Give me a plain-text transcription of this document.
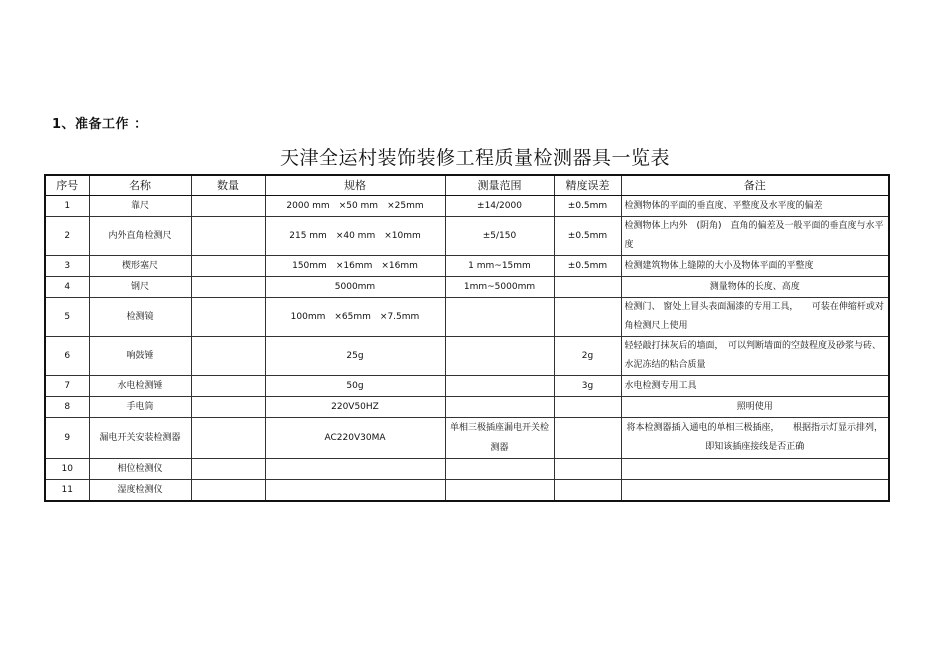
1、准备工作 ：
天津全运村装饰装修工程质量检测器具一览表
序号	名称	数量	规格	测量范围	精度误差	备注
1	靠尺		2000 mm　×50 mm　×25mm	±14/2000	±0.5mm	检测物体的平面的垂直度、平整度及水平度的偏差
2	内外直角检测尺		215 mm　×40 mm　×10mm	±5/150	±0.5mm	检测物体上内外　(阴角)　直角的偏差及一般平面的垂直度与水平度
3	楔形塞尺		150mm　×16mm　×16mm	1 mm~15mm	±0.5mm	检测建筑物体上缝隙的大小及物体平面的平整度
4	钢尺		5000mm	1mm~5000mm		测量物体的长度、高度
5	检测镜		100mm　×65mm　×7.5mm			检测门、 窗处上冒头表面漏漆的专用工具，　　可装在伸缩杆或对角检测尺上使用
6	响鼓锤		25g		2g	轻轻敲打抹灰后的墙面，　可以判断墙面的空鼓程度及砂浆与砖、水泥冻结的粘合质量
7	水电检测锤		50g		3g	水电检测专用工具
8	手电筒		220V50HZ			照明使用
9	漏电开关安装检测器		AC220V30MA	单相三极插座漏电开关检测器		将本检测器插入通电的单相三极插座，　　根据指示灯显示排列，即知该插座接线是否正确
10	相位检测仪					
11	湿度检测仪					
